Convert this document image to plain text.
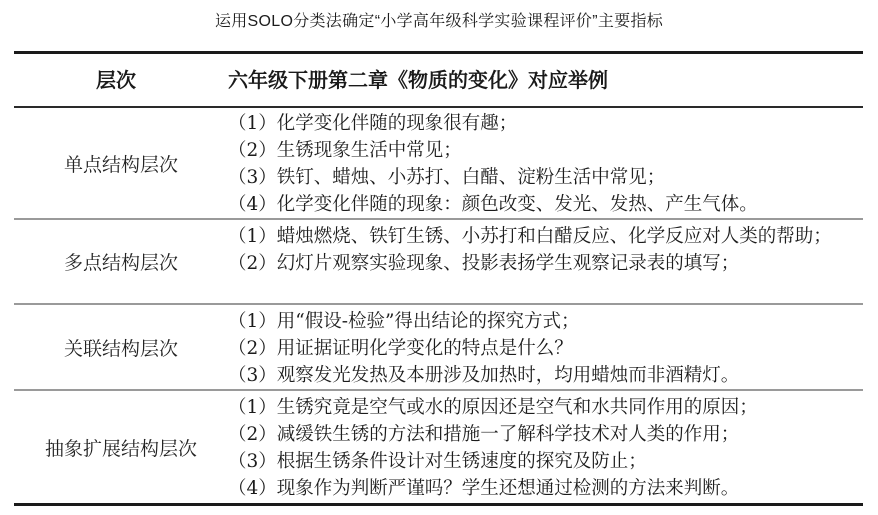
运用SOLO分类法确定“小学高年级科学实验课程评价”主要指标
层次	六年级下册第二章《物质的变化》对应举例
单点结构层次
（1）化学变化伴随的现象很有趣；
（2）生锈现象生活中常见；
（3）铁钉、蜡烛、小苏打、白醋、淀粉生活中常见；
（4）化学变化伴随的现象：颜色改变、发光、发热、产生气体。
多点结构层次
（1）蜡烛燃烧、铁钉生锈、小苏打和白醋反应、化学反应对人类的帮助；
（2）幻灯片观察实验现象、投影表扬学生观察记录表的填写；
关联结构层次
（1）用“假设-检验”得出结论的探究方式；
（2）用证据证明化学变化的特点是什么？
（3）观察发光发热及本册涉及加热时，均用蜡烛而非酒精灯。
抽象扩展结构层次
（1）生锈究竟是空气或水的原因还是空气和水共同作用的原因；
（2）减缓铁生锈的方法和措施一了解科学技术对人类的作用；
（3）根据生锈条件设计对生锈速度的探究及防止；
（4）现象作为判断严谨吗？学生还想通过检测的方法来判断。
